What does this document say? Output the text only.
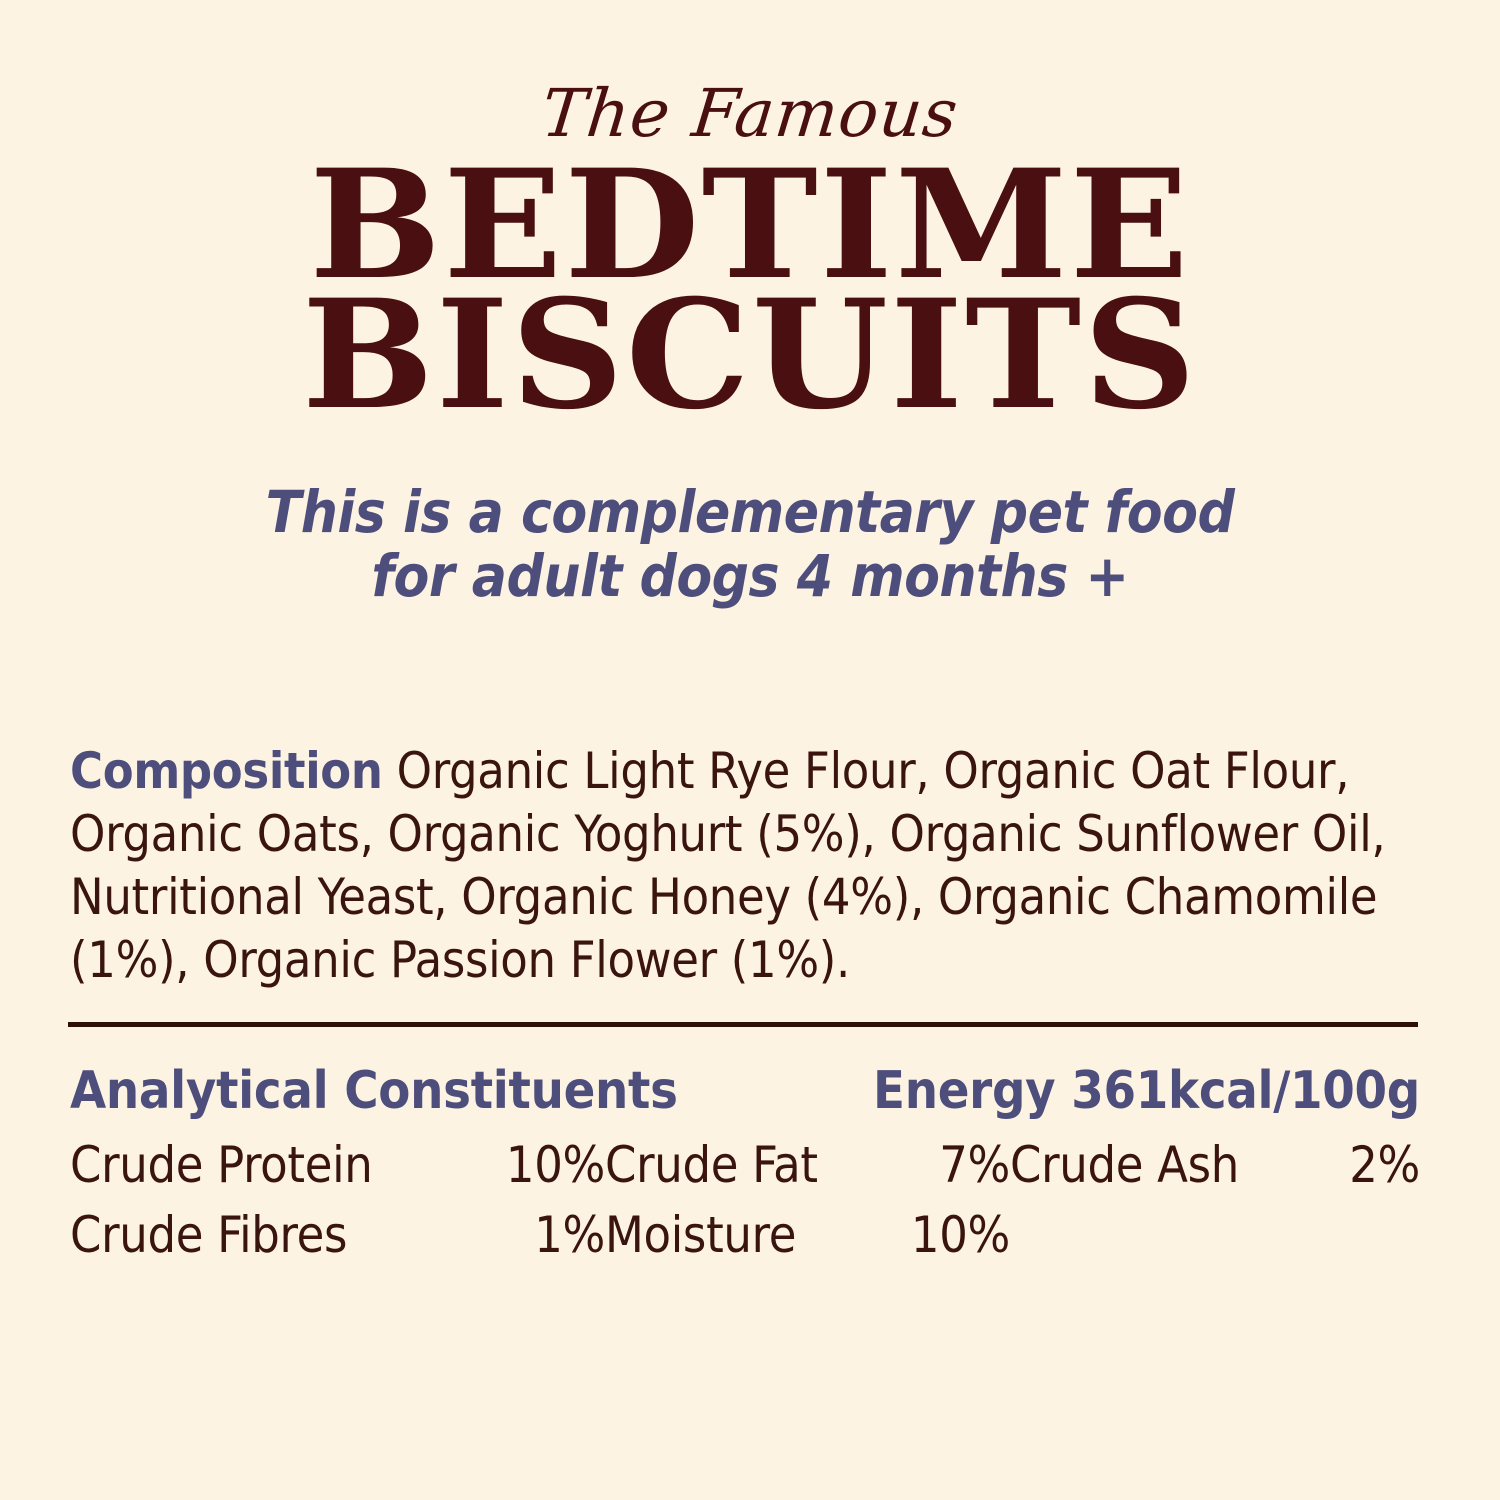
The Famous
BEDTIME
BISCUITS
This is a complementary pet food
for adult dogs 4 months +
Composition Organic Light Rye Flour, Organic Oat Flour, Organic Oats, Organic Yoghurt (5%), Organic Sunflower Oil, Nutritional Yeast, Organic Honey (4%), Organic Chamomile (1%), Organic Passion Flower (1%).
Analytical Constituents	Energy 361kcal/100g
Crude Protein	10%	Crude Fat	7%	Crude Ash	2%
Crude Fibres	1%	Moisture	10%		
